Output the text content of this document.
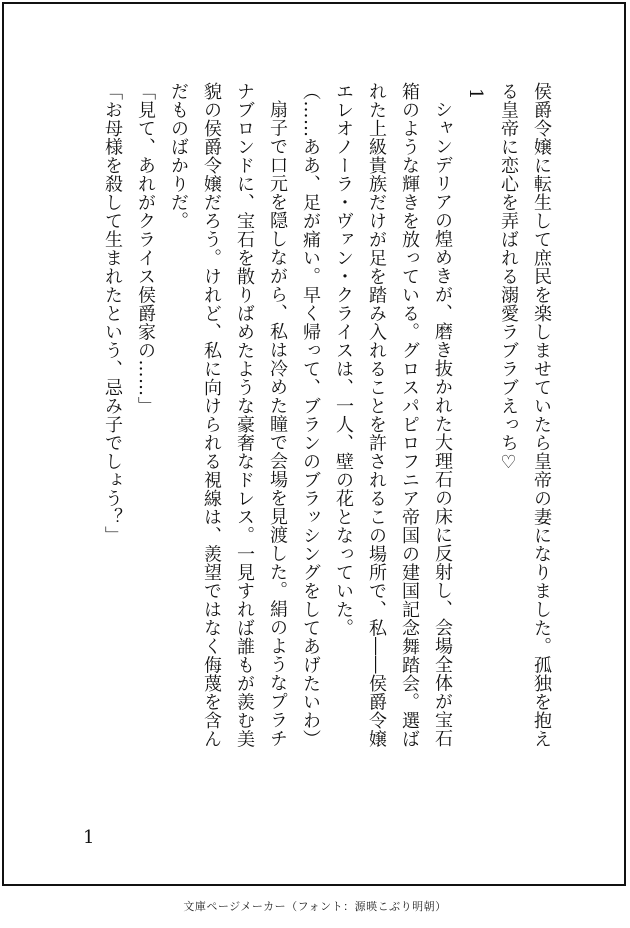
侯爵令嬢に転生して庶民を楽しませていたら皇帝の妻になりました。孤独を抱え

る皇帝に恋心を弄ばれる溺愛ラブラブえっち♡

1

シャンデリアの煌めきが、磨き抜かれた大理石の床に反射し、会場全体が宝石

箱のような輝きを放っている。グロスパピロフニア帝国の建国記念舞踏会。選ば

れた上級貴族だけが足を踏み入れることを許されるこの場所で、私――侯爵令嬢

エレオノーラ・ヴァン・クライスは、一人、壁の花となっていた。

（……ああ、足が痛い。早く帰って、ブランのブラッシングをしてあげたいわ）

扇子で口元を隠しながら、私は冷めた瞳で会場を見渡した。絹のようなプラチ

ナブロンドに、宝石を散りばめたような豪奢なドレス。一見すれば誰もが羨む美

貌の侯爵令嬢だろう。けれど、私に向けられる視線は、羨望ではなく侮蔑を含ん

だものばかりだ。

「見て、あれがクライス侯爵家の……」

「お母様を殺して生まれたという、忌み子でしょう？」

1
文庫ページメーカー（フォント：源暎こぶり明朝）
